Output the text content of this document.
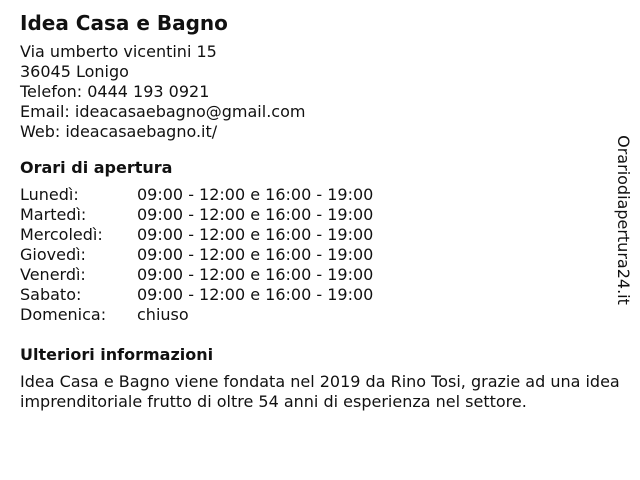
Idea Casa e Bagno
Via umberto vicentini 15
36045 Lonigo
Telefon: 0444 193 0921
Email: ideacasaebagno@gmail.com
Web: ideacasaebagno.it/
Orari di apertura
Lunedì:	09:00 - 12:00 e 16:00 - 19:00
Martedì:	09:00 - 12:00 e 16:00 - 19:00
Mercoledì:	09:00 - 12:00 e 16:00 - 19:00
Giovedì:	09:00 - 12:00 e 16:00 - 19:00
Venerdì:	09:00 - 12:00 e 16:00 - 19:00
Sabato:	09:00 - 12:00 e 16:00 - 19:00
Domenica:	chiuso
Ulteriori informazioni
Idea Casa e Bagno viene fondata nel 2019 da Rino Tosi, grazie ad una idea imprenditoriale frutto di oltre 54 anni di esperienza nel settore.
Orariodiapertura24.it
